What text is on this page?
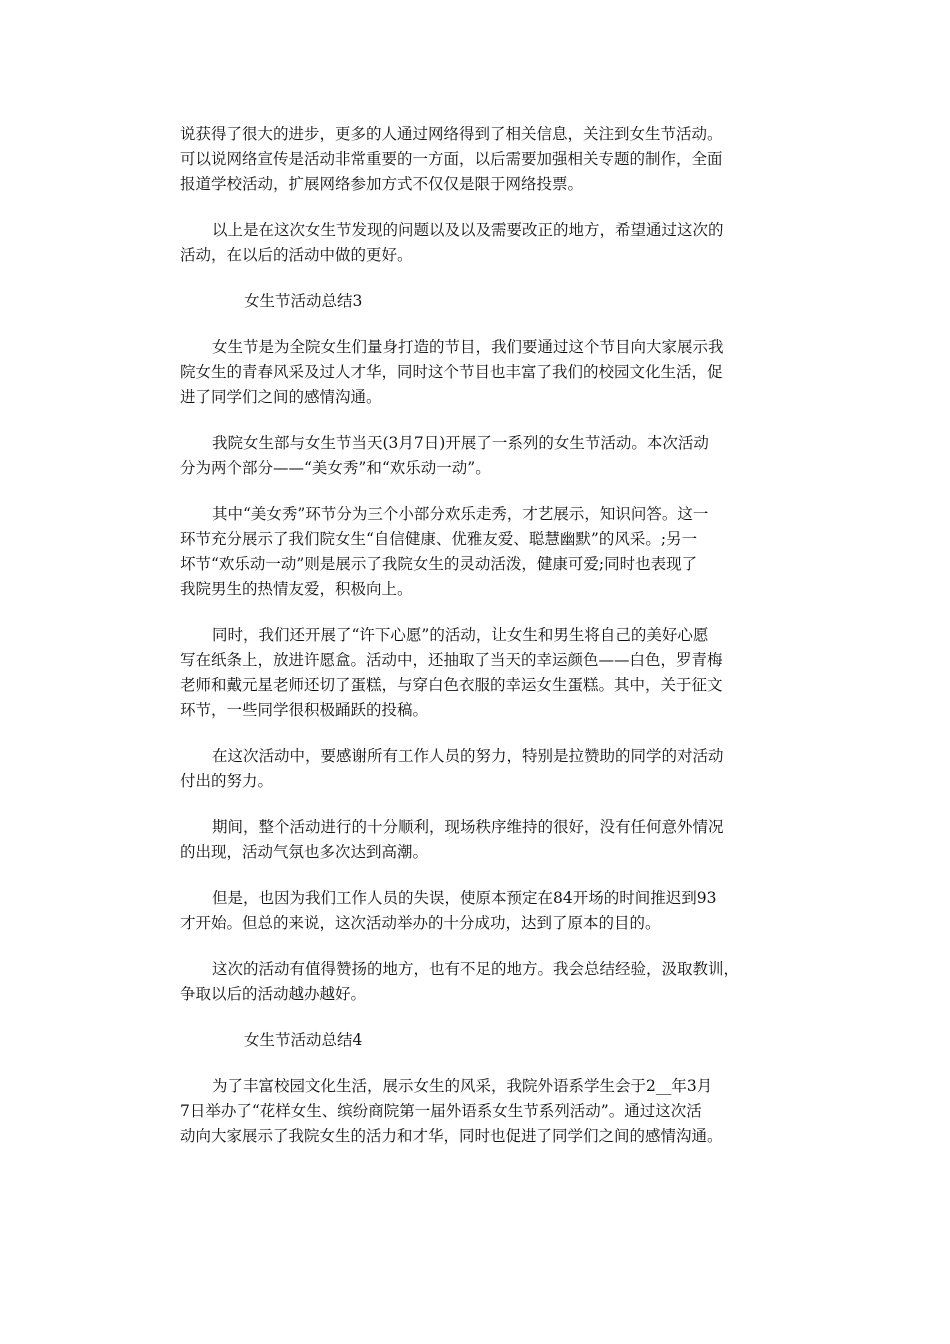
说获得了很大的进步，更多的人通过网络得到了相关信息，关注到女生节活动。
可以说网络宣传是活动非常重要的一方面，以后需要加强相关专题的制作，全面
报道学校活动，扩展网络参加方式不仅仅是限于网络投票。
以上是在这次女生节发现的问题以及以及需要改正的地方，希望通过这次的
活动，在以后的活动中做的更好。
女生节活动总结3
女生节是为全院女生们量身打造的节目，我们要通过这个节目向大家展示我
院女生的青春风采及过人才华，同时这个节目也丰富了我们的校园文化生活，促
进了同学们之间的感情沟通。
我院女生部与女生节当天(3月7日)开展了一系列的女生节活动。本次活动
分为两个部分——“美女秀”和“欢乐动一动”。
其中“美女秀”环节分为三个小部分欢乐走秀，才艺展示，知识问答。这一
环节充分展示了我们院女生“自信健康、优雅友爱、聪慧幽默”的风采。;另一
坏节“欢乐动一动”则是展示了我院女生的灵动活泼，健康可爱;同时也表现了
我院男生的热情友爱，积极向上。
同时，我们还开展了“许下心愿”的活动，让女生和男生将自己的美好心愿
写在纸条上，放进许愿盒。活动中，还抽取了当天的幸运颜色——白色，罗青梅
老师和戴元星老师还切了蛋糕，与穿白色衣服的幸运女生蛋糕。其中，关于征文
环节，一些同学很积极踊跃的投稿。
在这次活动中，要感谢所有工作人员的努力，特别是拉赞助的同学的对活动
付出的努力。
期间，整个活动进行的十分顺利，现场秩序维持的很好，没有任何意外情况
的出现，活动气氛也多次达到高潮。
但是，也因为我们工作人员的失误，使原本预定在84开场的时间推迟到93
才开始。但总的来说，这次活动举办的十分成功，达到了原本的目的。
这次的活动有值得赞扬的地方，也有不足的地方。我会总结经验，汲取教训，
争取以后的活动越办越好。
女生节活动总结4
为了丰富校园文化生活，展示女生的风采，我院外语系学生会于2__年3月
7日举办了“花样女生、缤纷商院第一届外语系女生节系列活动”。通过这次活
动向大家展示了我院女生的活力和才华，同时也促进了同学们之间的感情沟通。
